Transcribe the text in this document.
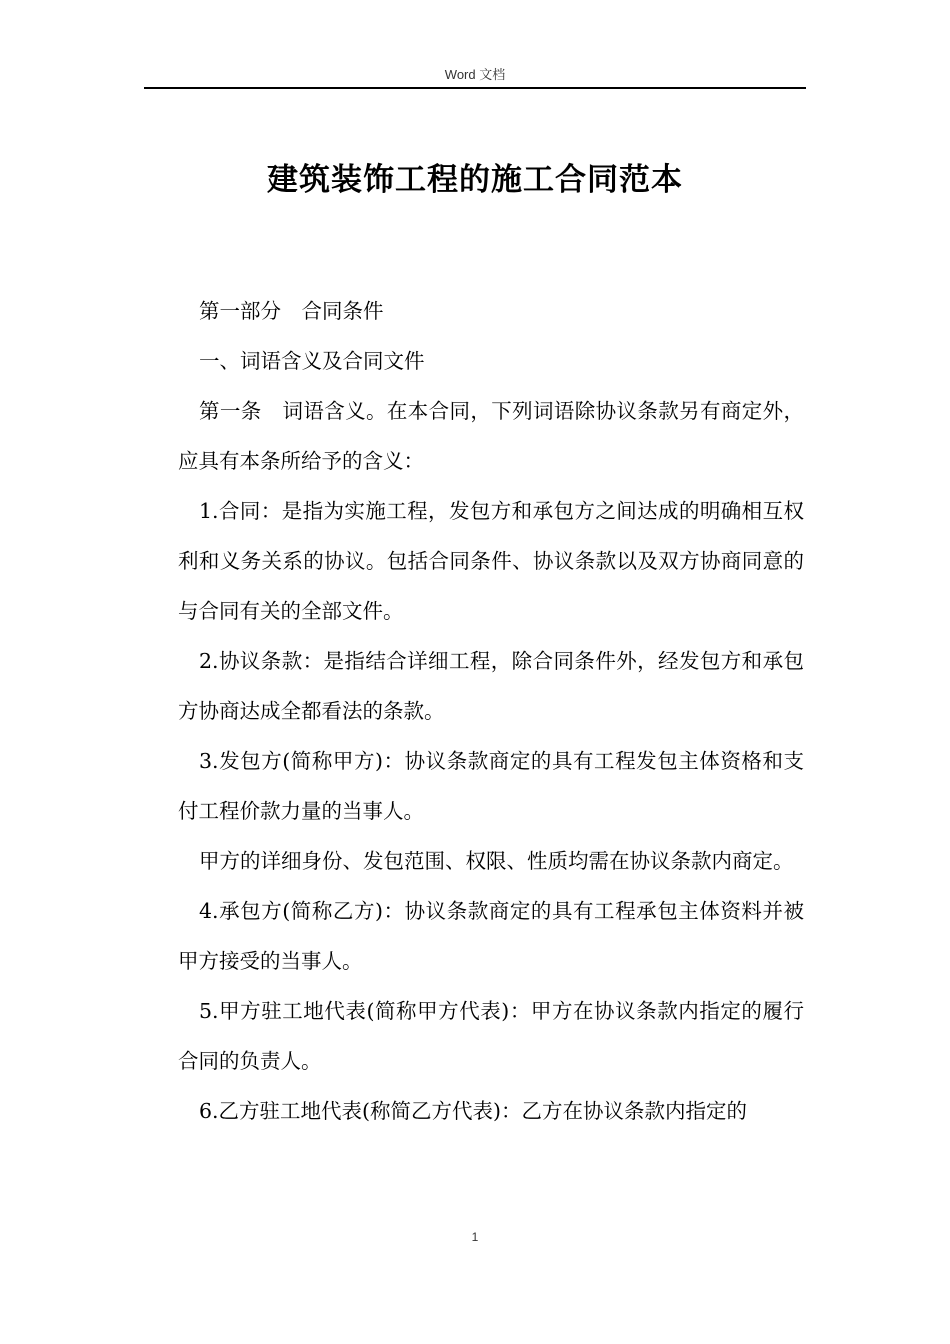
Word 文档
建筑装饰工程的施工合同范本

第一部分　合同条件

一、词语含义及合同文件

第一条　词语含义。在本合同，下列词语除协议条款另有商定外，应具有本条所给予的含义：

1.合同：是指为实施工程，发包方和承包方之间达成的明确相互权利和义务关系的协议。包括合同条件、协议条款以及双方协商同意的与合同有关的全部文件。

2.协议条款：是指结合详细工程，除合同条件外，经发包方和承包方协商达成全都看法的条款。

3.发包方(简称甲方)：协议条款商定的具有工程发包主体资格和支付工程价款力量的当事人。

甲方的详细身份、发包范围、权限、性质均需在协议条款内商定。

4.承包方(简称乙方)：协议条款商定的具有工程承包主体资料并被甲方接受的当事人。

5.甲方驻工地代表(简称甲方代表)：甲方在协议条款内指定的履行合同的负责人。

6.乙方驻工地代表(称简乙方代表)：乙方在协议条款内指定的

1
